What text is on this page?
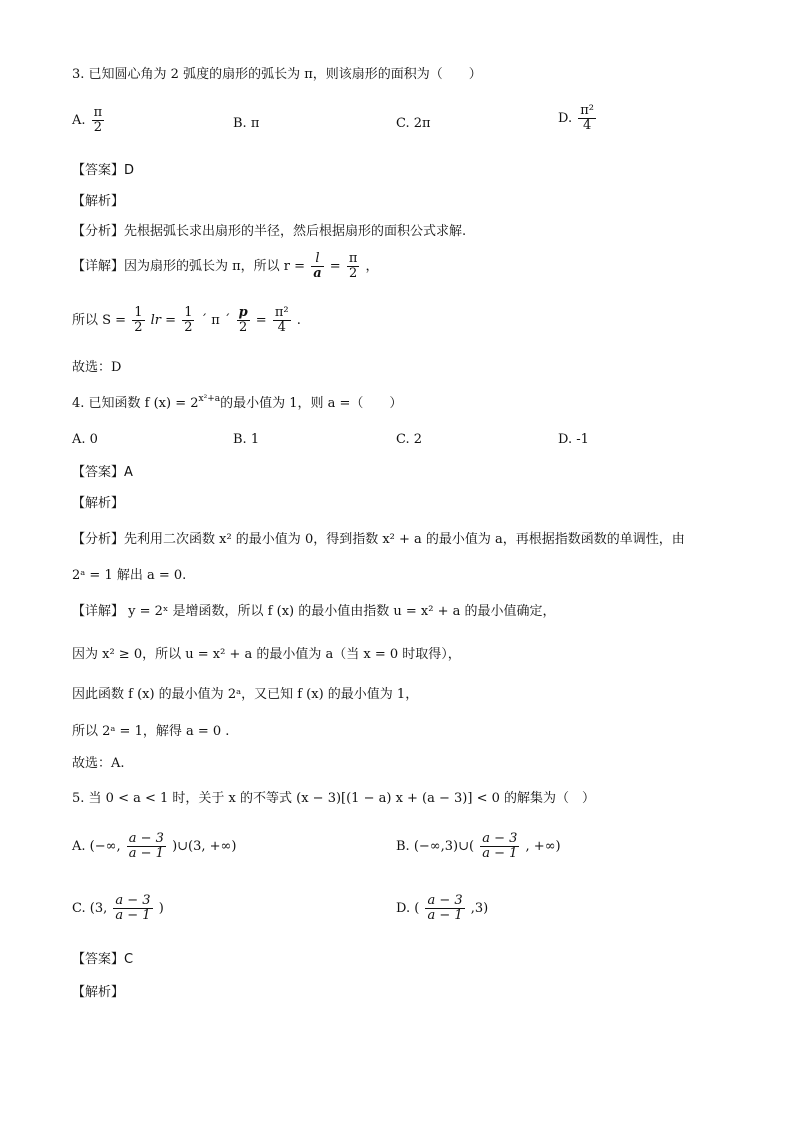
3. 已知圆心角为 2 弧度的扇形的弧长为 π，则该扇形的面积为（　　）
A. $\frac{\pi}{2}$	B. π	C. 2π	D. $\frac{\text{π²}}{4}$
【答案】D
【解析】
【分析】先根据弧长求出扇形的半径，然后根据扇形的面积公式求解.
【详解】因为扇形的弧长为 π，所以 $r = \frac{l}{a} = \frac{\pi}{2}$ ，
所以 $S = \frac{1}{2}$ lr = $\frac{1}{2}$ ´ π ´ $\frac{p}{2} = \frac{\text{π²}}{4}$ .
故选：D
4. 已知函数 f $(x) = 2^{x^2+a}$的最小值为 1，则 a =（　　）
A. 0	B. 1	C. 2	D. -1
【答案】A
【解析】
【分析】先利用二次函数 x² 的最小值为 0，得到指数 x² + a 的最小值为 a，再根据指数函数的单调性，由
2ᵃ = 1 解出 a = 0.
【详解】 y = 2ˣ 是增函数，所以 f (x) 的最小值由指数 u = x² + a 的最小值确定，
因为 x² ≥ 0，所以 u = x² + a 的最小值为 a（当 x = 0 时取得），
因此函数 f (x) 的最小值为 2ᵃ，又已知 f (x) 的最小值为 1，
所以 2ᵃ = 1，解得 a = 0 .
故选：A.
5. 当 0 < a < 1 时，关于 x 的不等式 (x − 3)[(1 − a) x + (a − 3)] < 0 的解集为（　）
A. (−∞, $\frac{a - 3}{a - 1}$ )∪(3, +∞)	B. (−∞,3)∪( $\frac{a - 3}{a - 1}$ , +∞)
C. (3, $\frac{a - 3}{a - 1}$ )	D. ( $\frac{a - 3}{a - 1} ,3$)
【答案】C
【解析】
